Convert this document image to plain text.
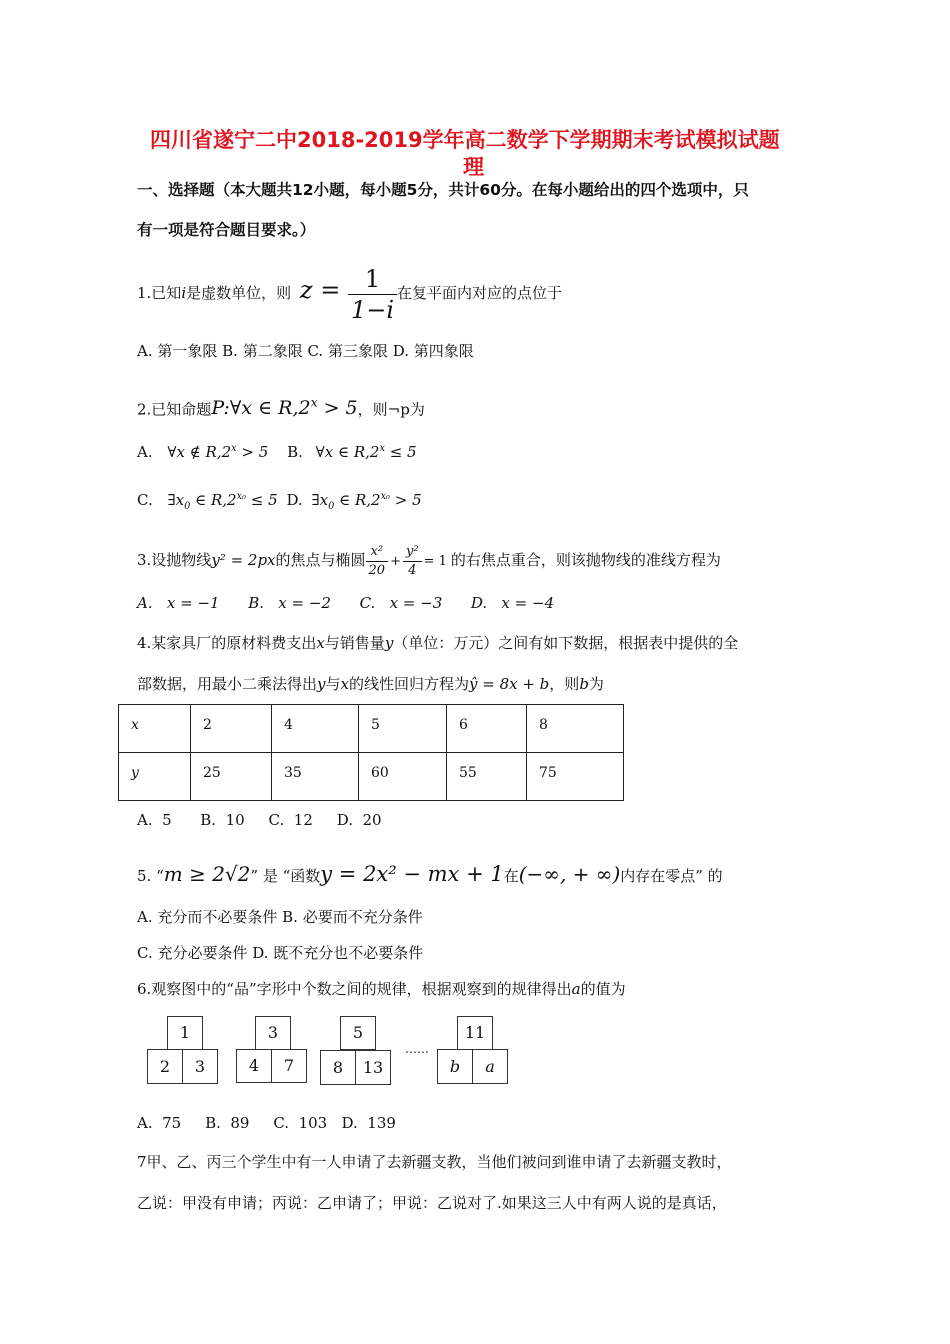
四川省遂宁二中2018-2019学年高二数学下学期期末考试模拟试题
理
一、选择题（本大题共12小题，每小题5分，共计60分。在每小题给出的四个选项中，只
有一项是符合题目要求。）
1.已知i是虚数单位，则 $z = \frac{1}{1-i}$ 在复平面内对应的点位于
A. 第一象限 B. 第二象限 C. 第三象限 D. 第四象限
2.已知命题P:∀x ∈ $R,2^x > 5$，则¬p为
A. ∀x ∉ $R,2^x > 5$ B. ∀x ∈ $R,2^x \le 5$
C. $\exists x_0$ ∈ $R,2^{x_0} \le 5$ D. $\exists x_0$ ∈ $R,2^{x_0} > 5$
3.设抛物线y² = 2px的焦点与椭圆 $\frac{\text{x²}}{20} + \frac{\text{y²}}{4} = 1$ 的右焦点重合，则该抛物线的准线方程为
A.   x = −1      B.   x = −2      C.   x = −3      D.   x = −4
4.某家具厂的原材料费支出x与销售量y（单位：万元）之间有如下数据，根据表中提供的全
部数据，用最小二乘法得出y与x的线性回归方程为ŷ = 8x + b，则b为
x	2	4	5	6	8
y	25	35	60	55	75
A.  5      B.  10     C.  12     D.  20
5. “m ≥ 2√2” 是 “函数y = 2x² − mx + 1在(−∞, + ∞)内存在零点” 的
A. 充分而不必要条件 B. 必要而不充分条件
C. 充分必要条件 D. 既不充分也不必要条件
6.观察图中的“品”字形中个数之间的规律，根据观察到的规律得出a的值为
1
2	3
3
4	7
5
8	13
……
11
b	a
A.  75     B.  89     C.  103   D.  139
7甲、乙、丙三个学生中有一人申请了去新疆支教，当他们被问到谁申请了去新疆支教时，
乙说：甲没有申请；丙说：乙申请了；甲说：乙说对了.如果这三人中有两人说的是真话，
